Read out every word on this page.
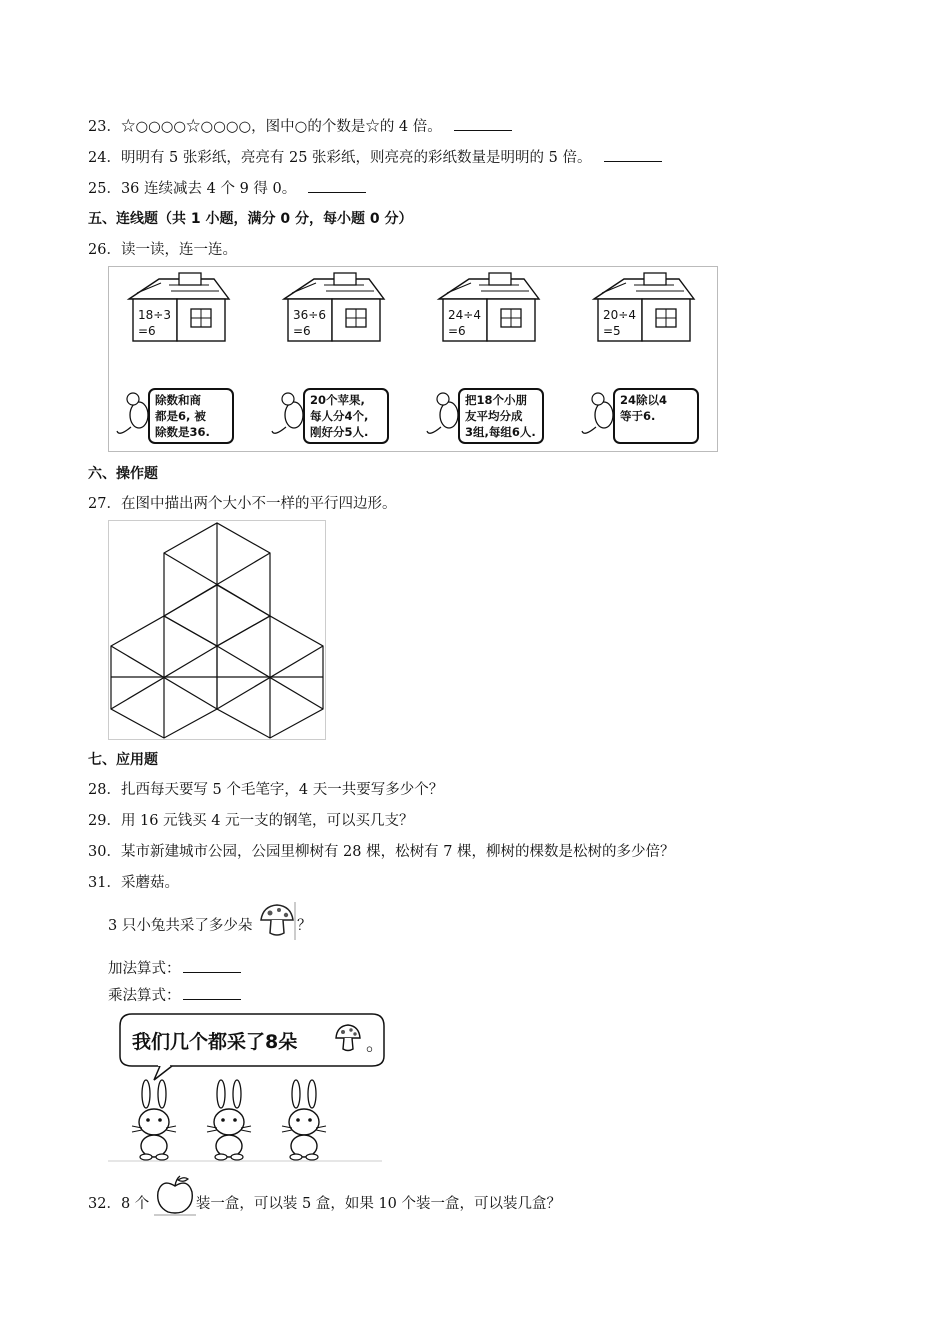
23．☆○○○○☆○○○○，图中○的个数是☆的 4 倍。
24．明明有 5 张彩纸，亮亮有 25 张彩纸，则亮亮的彩纸数量是明明的 5 倍。
25．36 连续减去 4 个 9 得 0。
五、连线题（共 1 小题，满分 0 分，每小题 0 分）
26．读一读，连一连。
18÷3
=6
36÷6
=6
24÷4
=6
20÷4
=5
除数和商
都是6, 被
除数是36.
20个苹果,
每人分4个,
刚好分5人.
把18个小朋
友平均分成
3组,每组6人.
24除以4
等于6.
六、操作题
27．在图中描出两个大小不一样的平行四边形。
七、应用题
28．扎西每天要写 5 个毛笔字，4 天一共要写多少个？
29．用 16 元钱买 4 元一支的钢笔，可以买几支？
30．某市新建城市公园，公园里柳树有 28 棵，松树有 7 棵，柳树的棵数是松树的多少倍？
31．采蘑菇。
3 只小兔共采了多少朵	？
加法算式：
乘法算式：
我们几个都采了8朵	。
32．8 个	装一盒，可以装 5 盒，如果 10 个装一盒，可以装几盒？
